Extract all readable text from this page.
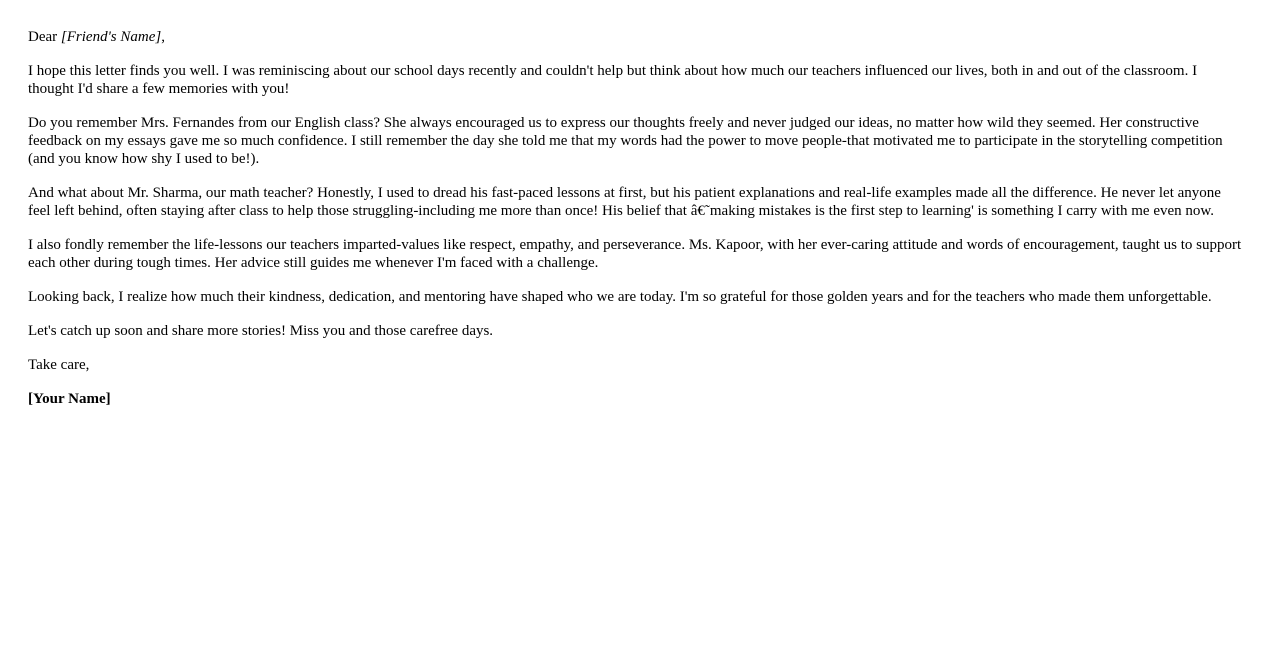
Dear [Friend's Name],

I hope this letter finds you well. I was reminiscing about our school days recently and couldn't help but think about how much our teachers influenced our lives, both in and out of the classroom. I thought I'd share a few memories with you!

Do you remember Mrs. Fernandes from our English class? She always encouraged us to express our thoughts freely and never judged our ideas, no matter how wild they seemed. Her constructive feedback on my essays gave me so much confidence. I still remember the day she told me that my words had the power to move people-that motivated me to participate in the storytelling competition (and you know how shy I used to be!).

And what about Mr. Sharma, our math teacher? Honestly, I used to dread his fast-paced lessons at first, but his patient explanations and real-life examples made all the difference. He never let anyone feel left behind, often staying after class to help those struggling-including me more than once! His belief that â€˜making mistakes is the first step to learning' is something I carry with me even now.

I also fondly remember the life-lessons our teachers imparted-values like respect, empathy, and perseverance. Ms. Kapoor, with her ever-caring attitude and words of encouragement, taught us to support each other during tough times. Her advice still guides me whenever I'm faced with a challenge.

Looking back, I realize how much their kindness, dedication, and mentoring have shaped who we are today. I'm so grateful for those golden years and for the teachers who made them unforgettable.

Let's catch up soon and share more stories! Miss you and those carefree days.

Take care,

[Your Name]
